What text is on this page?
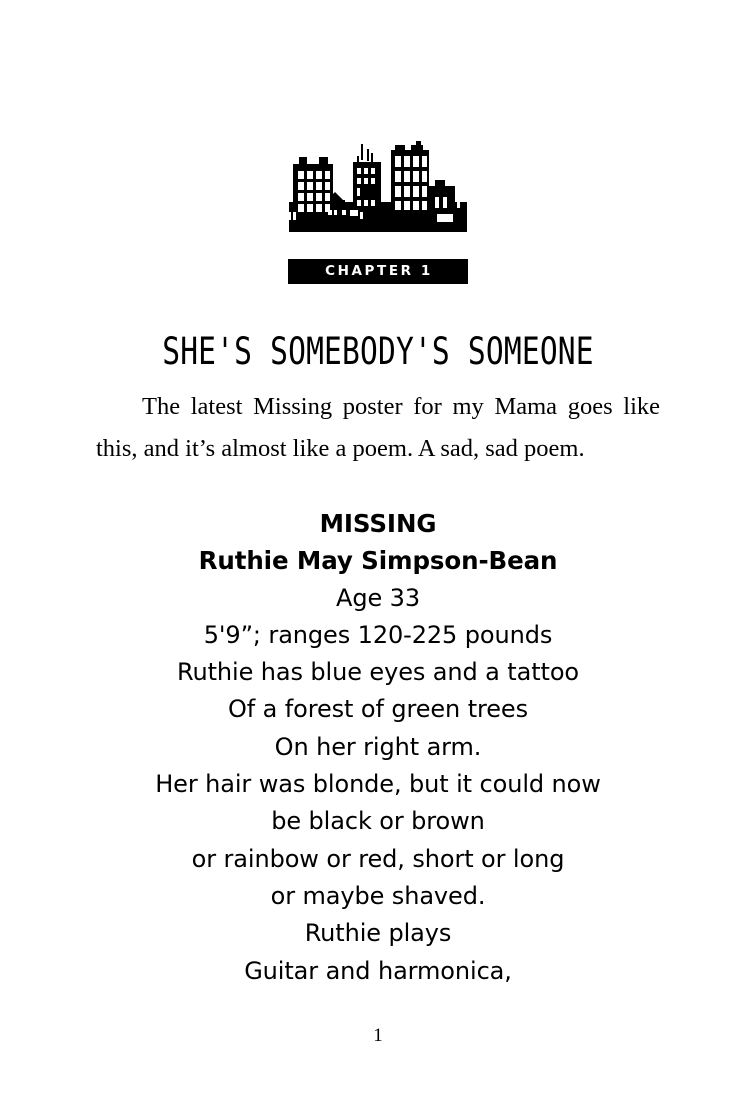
CHAPTER 1
SHE'S SOMEBODY'S SOMEONE

The latest Missing poster for my Mama goes like this, and it’s almost like a poem. A sad, sad poem.

MISSING
Ruthie May Simpson-Bean
Age 33
5'9”; ranges 120-225 pounds
Ruthie has blue eyes and a tattoo
Of a forest of green trees
On her right arm.
Her hair was blonde, but it could now
be black or brown
or rainbow or red, short or long
or maybe shaved.
Ruthie plays
Guitar and harmonica,
1
